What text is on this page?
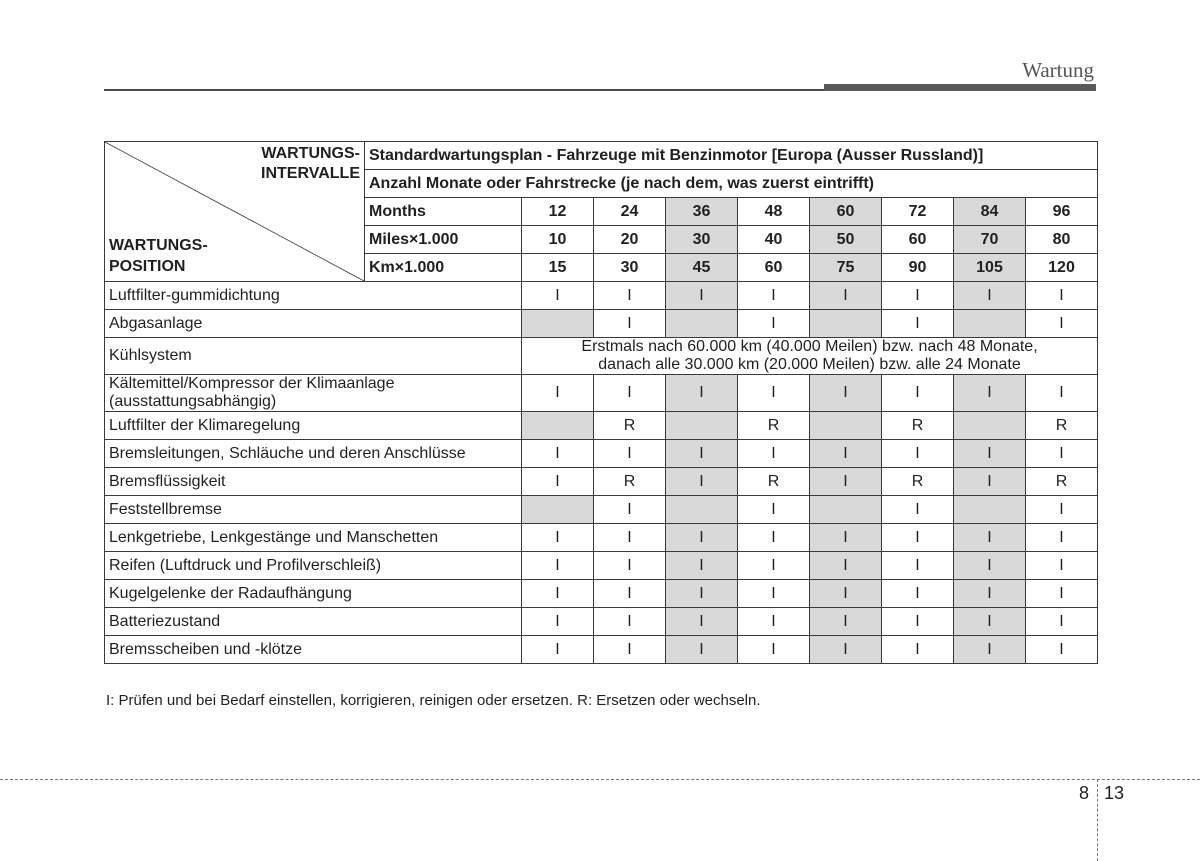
Wartung
WARTUNGS-
INTERVALLE
WARTUNGS-
POSITION	Standardwartungsplan - Fahrzeuge mit Benzinmotor [Europa (Ausser Russland)]								
	Anzahl Monate oder Fahrstrecke (je nach dem, was zuerst eintrifft)								
	Months	12	24	36	48	60	72	84	96
	Miles×1.000	10	20	30	40	50	60	70	80
	Km×1.000	15	30	45	60	75	90	105	120
Luftfilter-gummidichtung		I	I	I	I	I	I	I	I
Abgasanlage			I		I		I		I
Kühlsystem		Erstmals nach 60.000 km (40.000 Meilen) bzw. nach 48 Monate,
danach alle 30.000 km (20.000 Meilen) bzw. alle 24 Monate							
Kältemittel/Kompressor der Klimaanlage
(ausstattungsabhängig)		I	I	I	I	I	I	I	I
Luftfilter der Klimaregelung			R		R		R		R
Bremsleitungen, Schläuche und deren Anschlüsse		I	I	I	I	I	I	I	I
Bremsflüssigkeit		I	R	I	R	I	R	I	R
Feststellbremse			I		I		I		I
Lenkgetriebe, Lenkgestänge und Manschetten		I	I	I	I	I	I	I	I
Reifen (Luftdruck und Profilverschleiß)		I	I	I	I	I	I	I	I
Kugelgelenke der Radaufhängung		I	I	I	I	I	I	I	I
Batteriezustand		I	I	I	I	I	I	I	I
Bremsscheiben und -klötze		I	I	I	I	I	I	I	I
I: Prüfen und bei Bedarf einstellen, korrigieren, reinigen oder ersetzen. R: Ersetzen oder wechseln.
8 13
